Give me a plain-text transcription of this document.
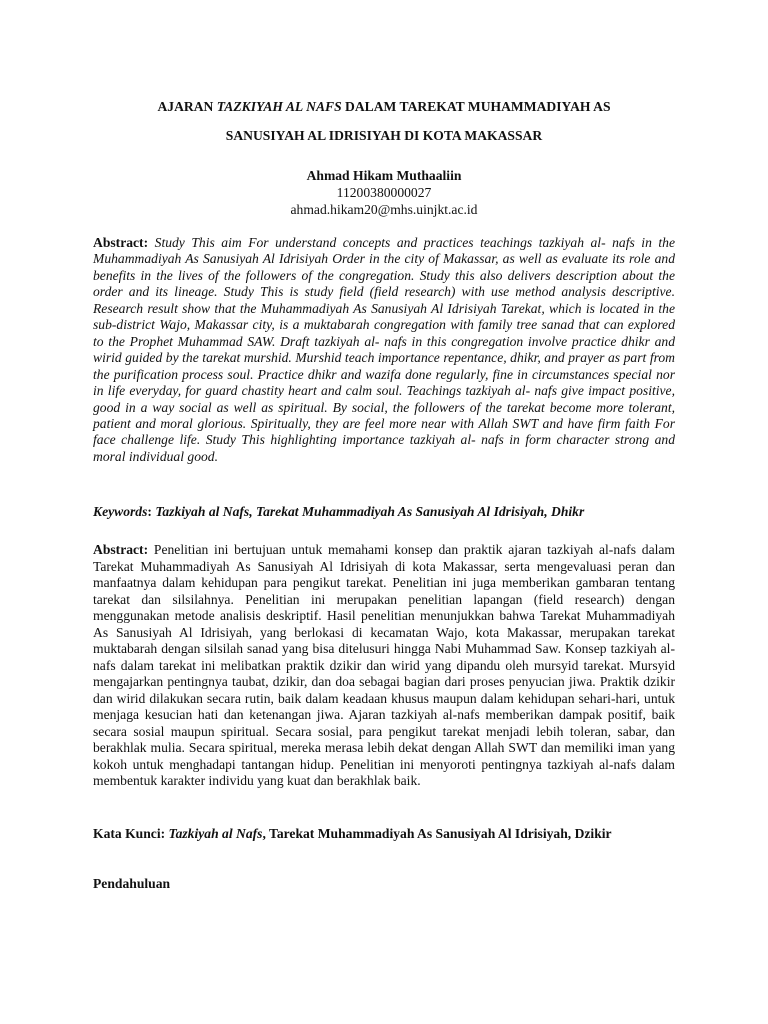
AJARAN TAZKIYAH AL NAFS DALAM TAREKAT MUHAMMADIYAH AS
SANUSIYAH AL IDRISIYAH DI KOTA MAKASSAR
Ahmad Hikam Muthaaliin
11200380000027
ahmad.hikam20@mhs.uinjkt.ac.id
Abstract: Study This aim For understand concepts and practices teachings tazkiyah al- nafs in the Muhammadiyah As Sanusiyah Al Idrisiyah Order in the city of Makassar, as well as evaluate its role and benefits in the lives of the followers of the congregation. Study this also delivers description about the order and its lineage. Study This is study field (field research) with use method analysis descriptive. Research result show that the Muhammadiyah As Sanusiyah Al Idrisiyah Tarekat, which is located in the sub-district Wajo, Makassar city, is a muktabarah congregation with family tree sanad that can explored to the Prophet Muhammad SAW. Draft tazkiyah al- nafs in this congregation involve practice dhikr and wirid guided by the tarekat murshid. Murshid teach importance repentance, dhikr, and prayer as part from the purification process soul. Practice dhikr and wazifa done regularly, fine in circumstances special nor in life everyday, for guard chastity heart and calm soul. Teachings tazkiyah al- nafs give impact positive, good in a way social as well as spiritual. By social, the followers of the tarekat become more tolerant, patient and moral glorious. Spiritually, they are feel more near with Allah SWT and have firm faith For face challenge life. Study This highlighting importance tazkiyah al- nafs in form character strong and moral individual good.
Keywords: Tazkiyah al Nafs, Tarekat Muhammadiyah As Sanusiyah Al Idrisiyah, Dhikr
Abstract: Penelitian ini bertujuan untuk memahami konsep dan praktik ajaran tazkiyah al-nafs dalam Tarekat Muhammadiyah As Sanusiyah Al Idrisiyah di kota Makassar, serta mengevaluasi peran dan manfaatnya dalam kehidupan para pengikut tarekat. Penelitian ini juga memberikan gambaran tentang tarekat dan silsilahnya. Penelitian ini merupakan penelitian lapangan (field research) dengan menggunakan metode analisis deskriptif. Hasil penelitian menunjukkan bahwa Tarekat Muhammadiyah As Sanusiyah Al Idrisiyah, yang berlokasi di kecamatan Wajo, kota Makassar, merupakan tarekat muktabarah dengan silsilah sanad yang bisa ditelusuri hingga Nabi Muhammad Saw. Konsep tazkiyah al-nafs dalam tarekat ini melibatkan praktik dzikir dan wirid yang dipandu oleh mursyid tarekat. Mursyid mengajarkan pentingnya taubat, dzikir, dan doa sebagai bagian dari proses penyucian jiwa. Praktik dzikir dan wirid dilakukan secara rutin, baik dalam keadaan khusus maupun dalam kehidupan sehari-hari, untuk menjaga kesucian hati dan ketenangan jiwa. Ajaran tazkiyah al-nafs memberikan dampak positif, baik secara sosial maupun spiritual. Secara sosial, para pengikut tarekat menjadi lebih toleran, sabar, dan berakhlak mulia. Secara spiritual, mereka merasa lebih dekat dengan Allah SWT dan memiliki iman yang kokoh untuk menghadapi tantangan hidup. Penelitian ini menyoroti pentingnya tazkiyah al-nafs dalam membentuk karakter individu yang kuat dan berakhlak baik.
Kata Kunci: Tazkiyah al Nafs, Tarekat Muhammadiyah As Sanusiyah Al Idrisiyah, Dzikir
Pendahuluan
